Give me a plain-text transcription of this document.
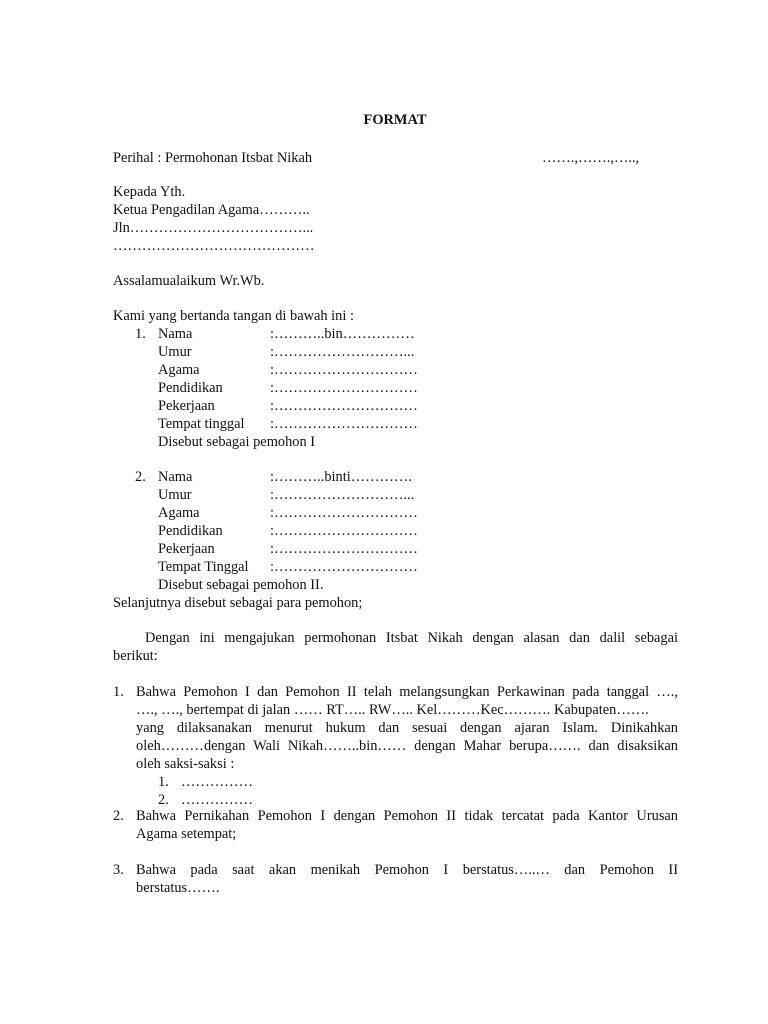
FORMAT
Perihal : Permohonan Itsbat Nikah	…….,…….,…..,
Kepada Yth.
Ketua Pengadilan Agama………..
Jln………………………………...
……………………………………
Assalamualaikum Wr.Wb.
Kami yang bertanda tangan di bawah ini :
1. Nama	:………..bin……………
Umur	:………………………...
Agama	:…………………………
Pendidikan	:…………………………
Pekerjaan	:…………………………
Tempat tinggal :…………………………
Disebut sebagai pemohon I
2. Nama	:………..binti………….
Umur	:………………………...
Agama	:…………………………
Pendidikan	:…………………………
Pekerjaan	:…………………………
Tempat Tinggal :…………………………
Disebut sebagai pemohon II.
Selanjutnya disebut sebagai para pemohon;
Dengan ini mengajukan permohonan Itsbat Nikah dengan alasan dan dalil sebagai
berikut:
1. Bahwa Pemohon I dan Pemohon II telah melangsungkan Perkawinan pada tanggal ….,
…., …., bertempat di jalan …… RT….. RW….. Kel………Kec………. Kabupaten…….
yang dilaksanakan menurut hukum dan sesuai dengan ajaran Islam. Dinikahkan
oleh………dengan Wali Nikah……..bin…… dengan Mahar berupa……. dan disaksikan
oleh saksi-saksi :
1. ……………
2. ……………
2. Bahwa Pernikahan Pemohon I dengan Pemohon II tidak tercatat pada Kantor Urusan
Agama setempat;
3. Bahwa pada saat akan menikah Pemohon I berstatus…..… dan Pemohon II
berstatus…….
